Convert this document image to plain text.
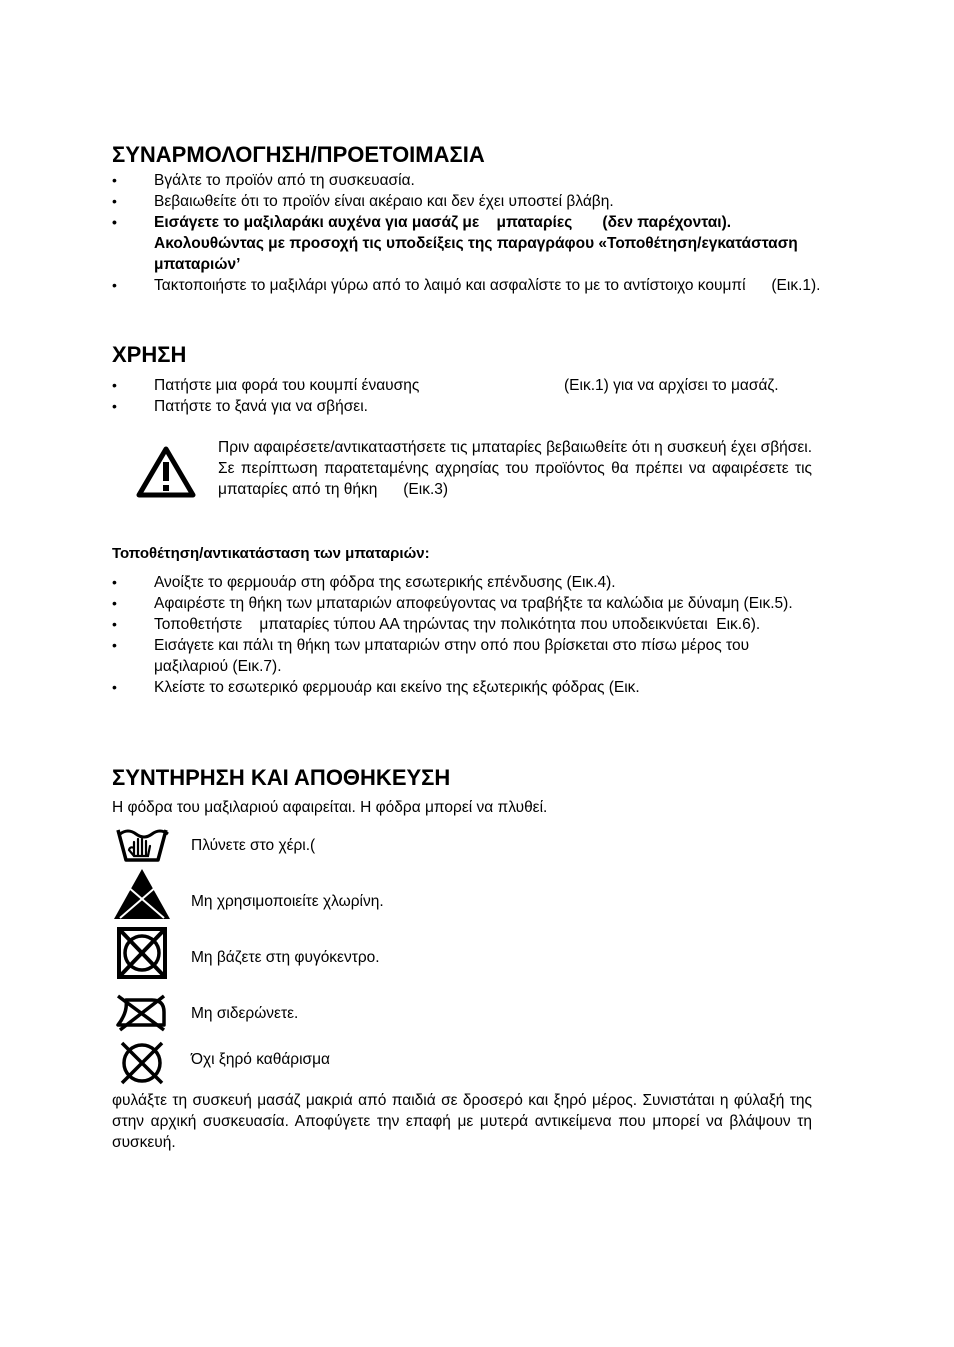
ΣΥΝΑΡΜΟΛΟΓΗΣΗ/ΠΡΟΕΤΟΙΜΑΣΙΑ
• Βγάλτε το προϊόν από τη συσκευασία.
• Βεβαιωθείτε ότι το προϊόν είναι ακέραιο και δεν έχει υποστεί βλάβη.
• Εισάγετε το μαξιλαράκι αυχένα για μασάζ με    μπαταρίες       (δεν παρέχονται). Ακολουθώντας με προσοχή τις υποδείξεις της παραγράφου «Τοποθέτηση/εγκατάσταση μπαταριών’
• Τακτοποιήστε το μαξιλάρι γύρω από το λαιμό και ασφαλίστε το με το αντίστοιχο κουμπί      (Εικ.1).
ΧΡΗΣΗ
• Πατήστε μια φορά του κουμπί έναυσης	(Εικ.1) για να αρχίσει το μασάζ.
• Πατήστε το ξανά για να σβήσει.
Πριν αφαιρέσετε/αντικαταστήσετε τις μπαταρίες βεβαιωθείτε ότι η συσκευή έχει σβήσει. Σε περίπτωση παρατεταμένης αχρησίας του προϊόντος θα πρέπει να αφαιρέσετε τις μπαταρίες από τη θήκη      (Εικ.3)
Τοποθέτηση/αντικατάσταση των μπαταριών:
• Ανοίξτε το φερμουάρ στη φόδρα της εσωτερικής επένδυσης (Εικ.4).
• Αφαιρέστε τη θήκη των μπαταριών αποφεύγοντας να τραβήξτε τα καλώδια με δύναμη (Εικ.5).
• Τοποθετήστε    μπαταρίες τύπου ΑΑ τηρώντας την πολικότητα που υποδεικνύεται  Εικ.6).
• Εισάγετε και πάλι τη θήκη των μπαταριών στην οπό που βρίσκεται στο πίσω μέρος του μαξιλαριού (Εικ.7).
• Κλείστε το εσωτερικό φερμουάρ και εκείνο της εξωτερικής φόδρας (Εικ.
ΣΥΝΤΗΡΗΣΗ ΚΑΙ ΑΠΟΘΗΚΕΥΣΗ
Η φόδρα του μαξιλαριού αφαιρείται. Η φόδρα μπορεί να πλυθεί.
Πλύνετε στο χέρι.(
Μη χρησιμοποιείτε χλωρίνη.
Μη βάζετε στη φυγόκεντρο.
Μη σιδερώνετε.
Όχι ξηρό καθάρισμα
φυλάξτε τη συσκευή μασάζ μακριά από παιδιά σε δροσερό και ξηρό μέρος. Συνιστάται η φύλαξή της στην αρχική συσκευασία. Αποφύγετε την επαφή με μυτερά αντικείμενα που μπορεί να βλάψουν τη συσκευή.
